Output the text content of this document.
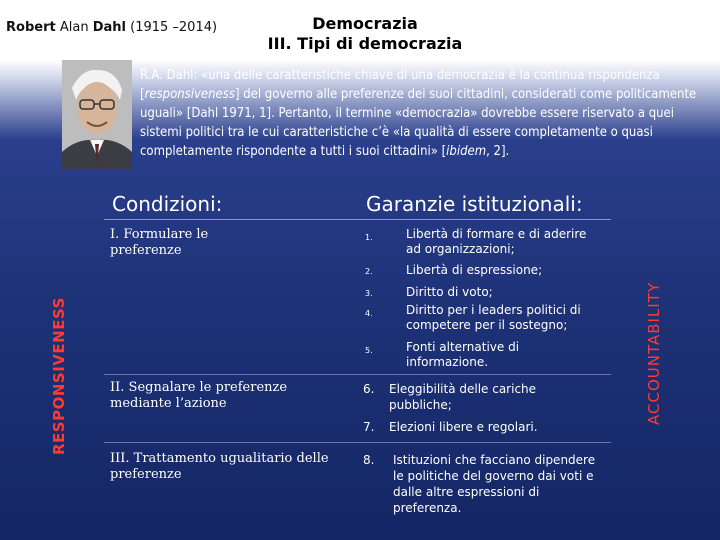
Robert Alan Dahl (1915 –2014)	Democrazia
III. Tipi di democrazia
R.A. Dahl: «una delle caratteristiche chiave di una democrazia è la continua rispondenza [responsiveness] del governo alle preferenze dei suoi cittadini, considerati come politicamente uguali» [Dahl 1971, 1]. Pertanto, il termine «democrazia» dovrebbe essere riservato a quei sistemi politici tra le cui caratteristiche c’è «la qualità di essere completamente o quasi completamente rispondente a tutti i suoi cittadini» [ibidem, 2].
Condizioni:	Garanzie istituzionali:
I. Formulare le preferenze
1.	Libertà di formare e di aderire ad organizzazioni;
2.	Libertà di espressione;
3.	Diritto di voto;
4.	Diritto per i leaders politici di competere per il sostegno;
5.	Fonti alternative di informazione.
II. Segnalare le preferenze mediante l’azione
6. Eleggibilità delle cariche pubbliche;
7. Elezioni libere e regolari.
III. Trattamento ugualitario delle preferenze
8. Istituzioni che facciano dipendere le politiche del governo dai voti e dalle altre espressioni di preferenza.
RESPONSIVENESS	ACCOUNTABILITY
